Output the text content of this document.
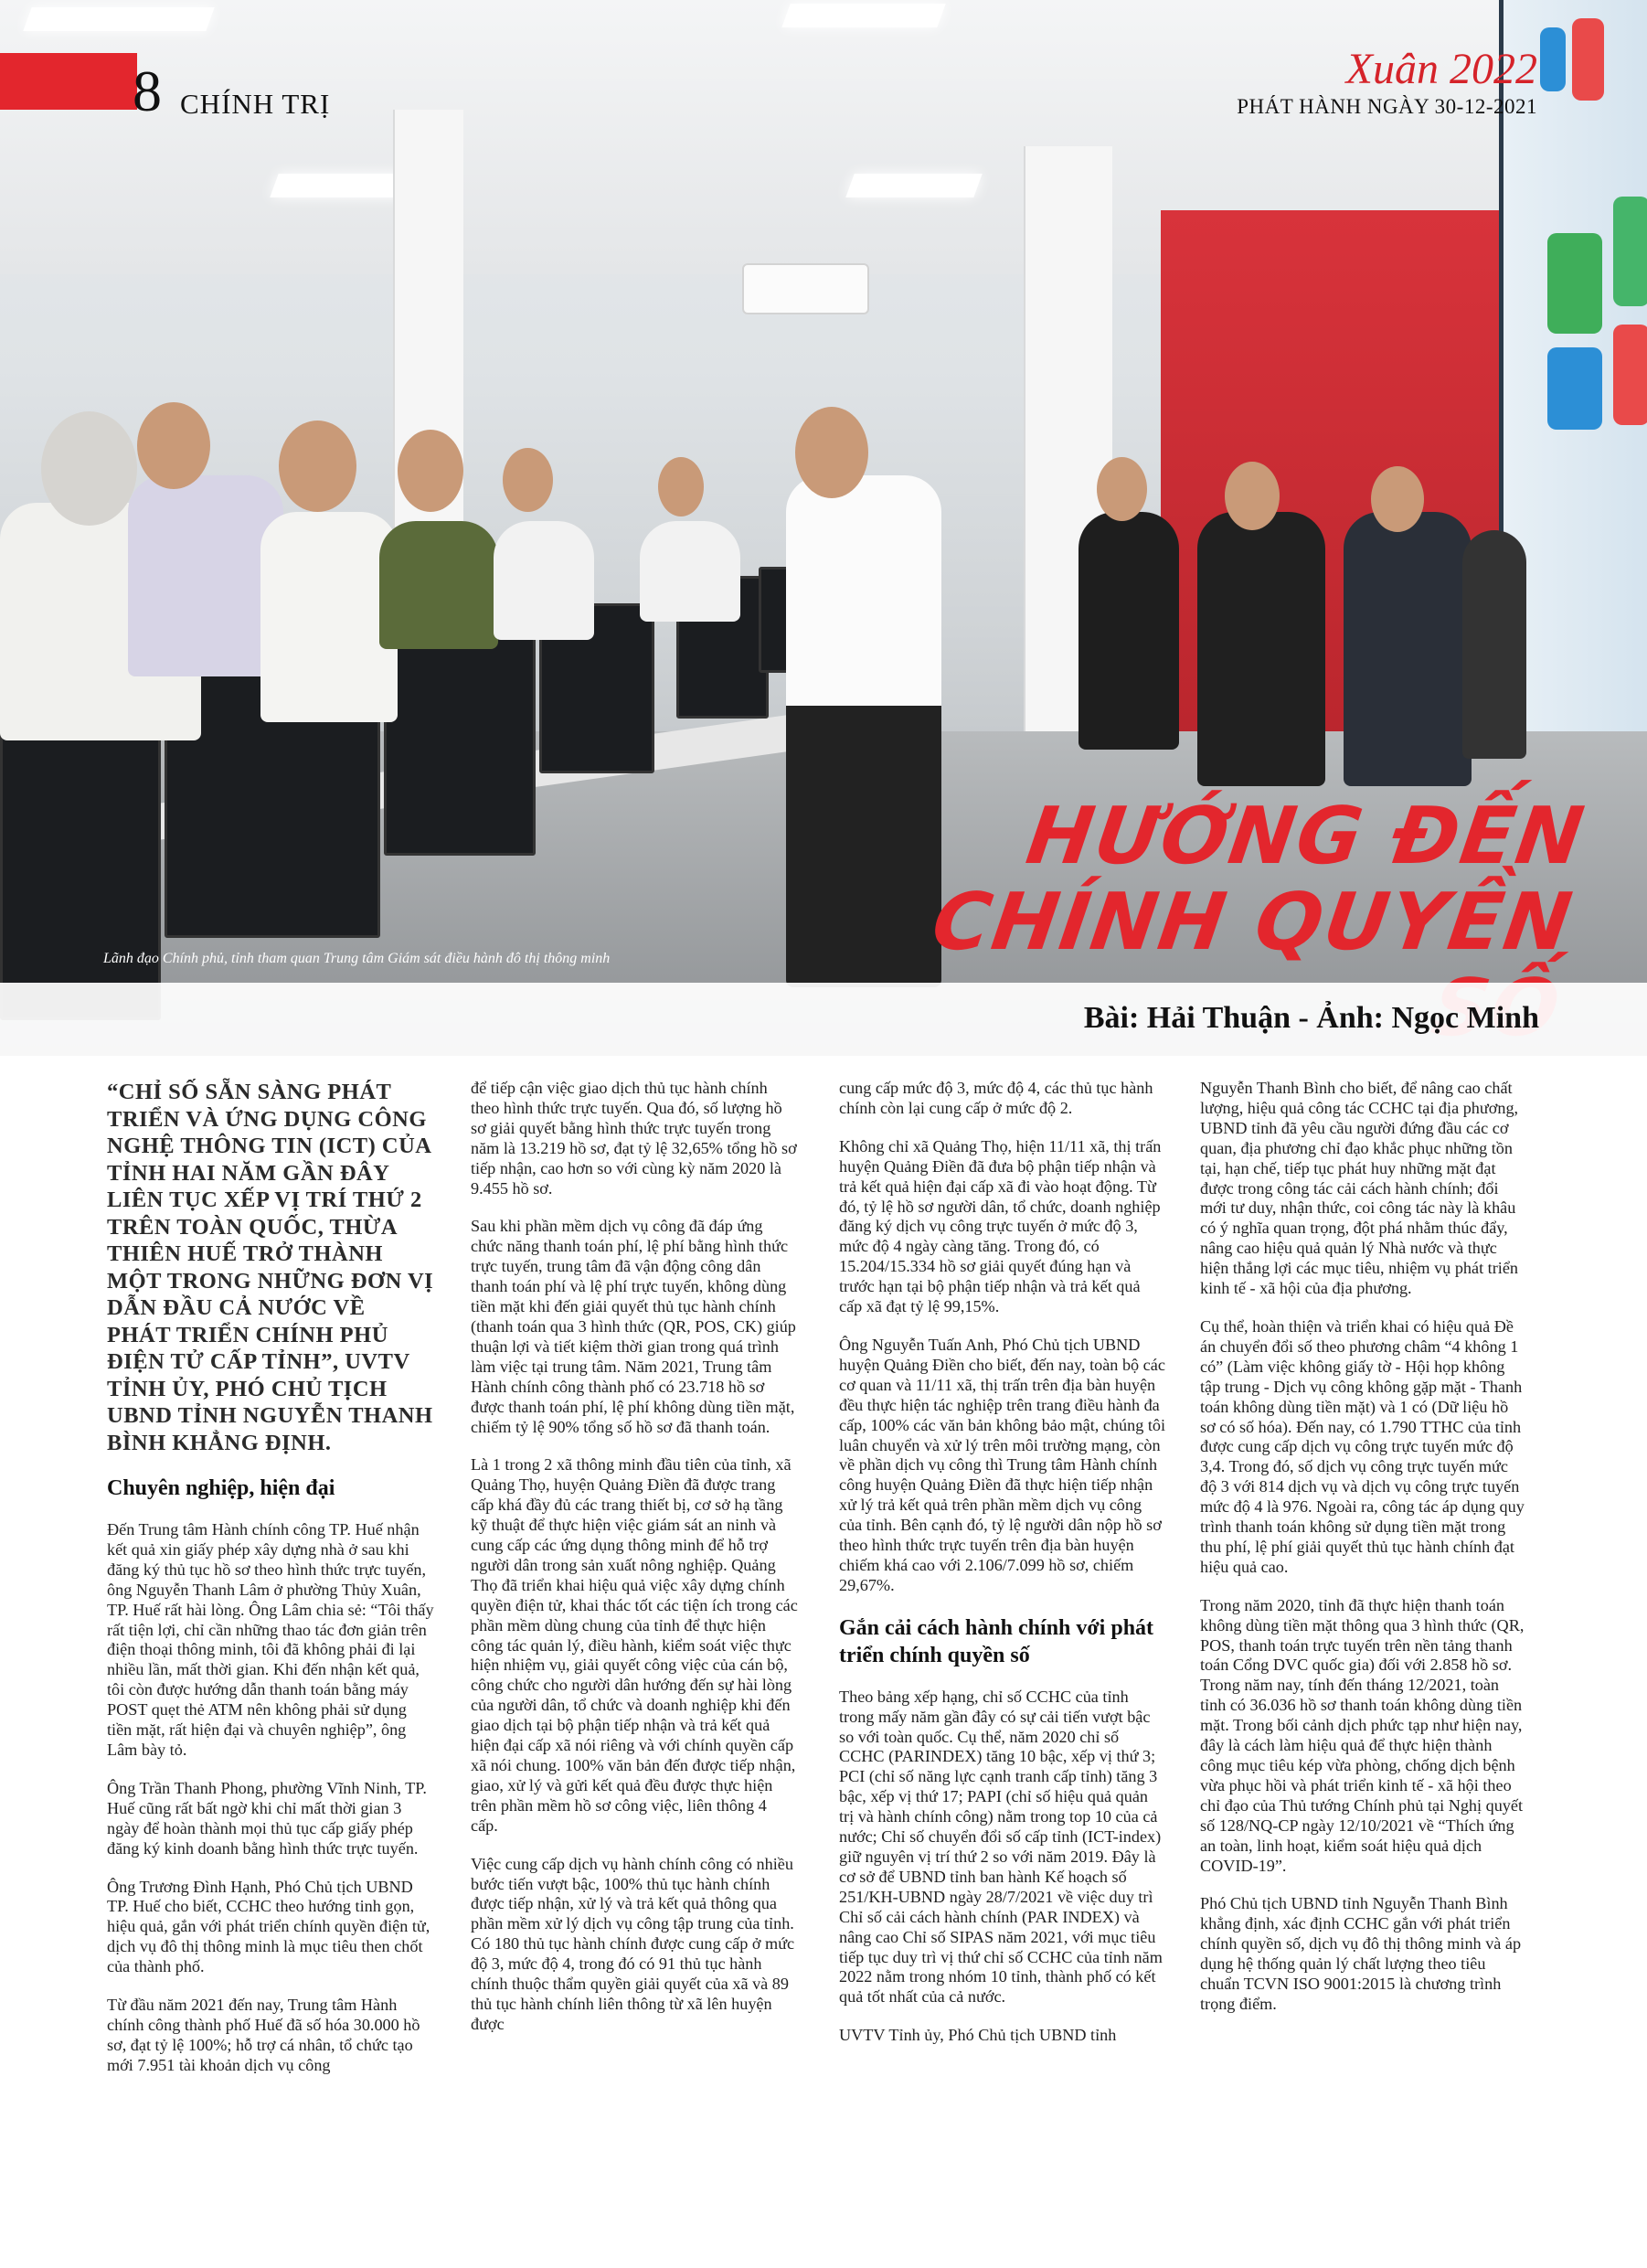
8 CHÍNH TRỊ
Xuân 2022
PHÁT HÀNH NGÀY 30-12-2021
HƯỚNG ĐẾN
CHÍNH QUYỀN
Lãnh đạo Chính phủ, tỉnh tham quan Trung tâm Giám sát điều hành đô thị thông minh
Bài: Hải Thuận - Ảnh: Ngọc Minh

“CHỈ SỐ SẴN SÀNG PHÁT TRIỂN VÀ ỨNG DỤNG CÔNG NGHỆ THÔNG TIN (ICT) CỦA TỈNH HAI NĂM GẦN ĐÂY LIÊN TỤC XẾP VỊ TRÍ THỨ 2 TRÊN TOÀN QUỐC, THỪA THIÊN HUẾ TRỞ THÀNH MỘT TRONG NHỮNG ĐƠN VỊ DẪN ĐẦU CẢ NƯỚC VỀ PHÁT TRIỂN CHÍNH PHỦ ĐIỆN TỬ CẤP TỈNH”, UVTV TỈNH ỦY, PHÓ CHỦ TỊCH UBND TỈNH NGUYỄN THANH BÌNH KHẲNG ĐỊNH.

Chuyên nghiệp, hiện đại

Đến Trung tâm Hành chính công TP. Huế nhận kết quả xin giấy phép xây dựng nhà ở sau khi đăng ký thủ tục hồ sơ theo hình thức trực tuyến, ông Nguyễn Thanh Lâm ở phường Thủy Xuân, TP. Huế rất hài lòng. Ông Lâm chia sẻ: “Tôi thấy rất tiện lợi, chỉ cần những thao tác đơn giản trên điện thoại thông minh, tôi đã không phải đi lại nhiều lần, mất thời gian. Khi đến nhận kết quả, tôi còn được hướng dẫn thanh toán bằng máy POST quẹt thẻ ATM nên không phải sử dụng tiền mặt, rất hiện đại và chuyên nghiệp”, ông Lâm bày tỏ.

Ông Trần Thanh Phong, phường Vĩnh Ninh, TP. Huế cũng rất bất ngờ khi chỉ mất thời gian 3 ngày để hoàn thành mọi thủ tục cấp giấy phép đăng ký kinh doanh bằng hình thức trực tuyến.

Ông Trương Đình Hạnh, Phó Chủ tịch UBND TP. Huế cho biết, CCHC theo hướng tinh gọn, hiệu quả, gắn với phát triển chính quyền điện tử, dịch vụ đô thị thông minh là mục tiêu then chốt của thành phố.

Từ đầu năm 2021 đến nay, Trung tâm Hành chính công thành phố Huế đã số hóa 30.000 hồ sơ, đạt tỷ lệ 100%; hỗ trợ cá nhân, tổ chức tạo mới 7.951 tài khoản dịch vụ công

để tiếp cận việc giao dịch thủ tục hành chính theo hình thức trực tuyến. Qua đó, số lượng hồ sơ giải quyết bằng hình thức trực tuyến trong năm là 13.219 hồ sơ, đạt tỷ lệ 32,65% tổng hồ sơ tiếp nhận, cao hơn so với cùng kỳ năm 2020 là 9.455 hồ sơ.

Sau khi phần mềm dịch vụ công đã đáp ứng chức năng thanh toán phí, lệ phí bằng hình thức trực tuyến, trung tâm đã vận động công dân thanh toán phí và lệ phí trực tuyến, không dùng tiền mặt khi đến giải quyết thủ tục hành chính (thanh toán qua 3 hình thức (QR, POS, CK) giúp thuận lợi và tiết kiệm thời gian trong quá trình làm việc tại trung tâm. Năm 2021, Trung tâm Hành chính công thành phố có 23.718 hồ sơ được thanh toán phí, lệ phí không dùng tiền mặt, chiếm tỷ lệ 90% tổng số hồ sơ đã thanh toán.

Là 1 trong 2 xã thông minh đầu tiên của tỉnh, xã Quảng Thọ, huyện Quảng Điền đã được trang cấp khá đầy đủ các trang thiết bị, cơ sở hạ tầng kỹ thuật để thực hiện việc giám sát an ninh và cung cấp các ứng dụng thông minh để hỗ trợ người dân trong sản xuất nông nghiệp. Quảng Thọ đã triển khai hiệu quả việc xây dựng chính quyền điện tử, khai thác tốt các tiện ích trong các phần mềm dùng chung của tỉnh để thực hiện công tác quản lý, điều hành, kiểm soát việc thực hiện nhiệm vụ, giải quyết công việc của cán bộ, công chức cho người dân hướng đến sự hài lòng của người dân, tổ chức và doanh nghiệp khi đến giao dịch tại bộ phận tiếp nhận và trả kết quả hiện đại cấp xã nói riêng và với chính quyền cấp xã nói chung. 100% văn bản đến được tiếp nhận, giao, xử lý và gửi kết quả đều được thực hiện trên phần mềm hồ sơ công việc, liên thông 4 cấp.

Việc cung cấp dịch vụ hành chính công có nhiều bước tiến vượt bậc, 100% thủ tục hành chính được tiếp nhận, xử lý và trả kết quả thông qua phần mềm xử lý dịch vụ công tập trung của tỉnh. Có 180 thủ tục hành chính được cung cấp ở mức độ 3, mức độ 4, trong đó có 91 thủ tục hành chính thuộc thẩm quyền giải quyết của xã và 89 thủ tục hành chính liên thông từ xã lên huyện được

cung cấp mức độ 3, mức độ 4, các thủ tục hành chính còn lại cung cấp ở mức độ 2.

Không chỉ xã Quảng Thọ, hiện 11/11 xã, thị trấn huyện Quảng Điền đã đưa bộ phận tiếp nhận và trả kết quả hiện đại cấp xã đi vào hoạt động. Từ đó, tỷ lệ hồ sơ người dân, tổ chức, doanh nghiệp đăng ký dịch vụ công trực tuyến ở mức độ 3, mức độ 4 ngày càng tăng. Trong đó, có 15.204/15.334 hồ sơ giải quyết đúng hạn và trước hạn tại bộ phận tiếp nhận và trả kết quả cấp xã đạt tỷ lệ 99,15%.

Ông Nguyễn Tuấn Anh, Phó Chủ tịch UBND huyện Quảng Điền cho biết, đến nay, toàn bộ các cơ quan và 11/11 xã, thị trấn trên địa bàn huyện đều thực hiện tác nghiệp trên trang điều hành đa cấp, 100% các văn bản không bảo mật, chúng tôi luân chuyển và xử lý trên môi trường mạng, còn về phần dịch vụ công thì Trung tâm Hành chính công huyện Quảng Điền đã thực hiện tiếp nhận xử lý trả kết quả trên phần mềm dịch vụ công của tỉnh. Bên cạnh đó, tỷ lệ người dân nộp hồ sơ theo hình thức trực tuyến trên địa bàn huyện chiếm khá cao với 2.106/7.099 hồ sơ, chiếm 29,67%.

Gắn cải cách hành chính với phát triển chính quyền số

Theo bảng xếp hạng, chỉ số CCHC của tỉnh trong mấy năm gần đây có sự cải tiến vượt bậc so với toàn quốc. Cụ thể, năm 2020 chỉ số CCHC (PARINDEX) tăng 10 bậc, xếp vị thứ 3; PCI (chỉ số năng lực cạnh tranh cấp tỉnh) tăng 3 bậc, xếp vị thứ 17; PAPI (chỉ số hiệu quả quản trị và hành chính công) nằm trong top 10 của cả nước; Chỉ số chuyển đổi số cấp tỉnh (ICT-index) giữ nguyên vị trí thứ 2 so với năm 2019. Đây là cơ sở để UBND tỉnh ban hành Kế hoạch số 251/KH-UBND ngày 28/7/2021 về việc duy trì Chỉ số cải cách hành chính (PAR INDEX) và nâng cao Chỉ số SIPAS năm 2021, với mục tiêu tiếp tục duy trì vị thứ chỉ số CCHC của tỉnh năm 2022 nằm trong nhóm 10 tỉnh, thành phố có kết quả tốt nhất của cả nước.

UVTV Tỉnh ủy, Phó Chủ tịch UBND tỉnh

Nguyễn Thanh Bình cho biết, để nâng cao chất lượng, hiệu quả công tác CCHC tại địa phương, UBND tỉnh đã yêu cầu người đứng đầu các cơ quan, địa phương chỉ đạo khắc phục những tồn tại, hạn chế, tiếp tục phát huy những mặt đạt được trong công tác cải cách hành chính; đổi mới tư duy, nhận thức, coi công tác này là khâu có ý nghĩa quan trọng, đột phá nhằm thúc đẩy, nâng cao hiệu quả quản lý Nhà nước và thực hiện thắng lợi các mục tiêu, nhiệm vụ phát triển kinh tế - xã hội của địa phương.

Cụ thể, hoàn thiện và triển khai có hiệu quả Đề án chuyển đổi số theo phương châm “4 không 1 có” (Làm việc không giấy tờ - Hội họp không tập trung - Dịch vụ công không gặp mặt - Thanh toán không dùng tiền mặt) và 1 có (Dữ liệu hồ sơ có số hóa). Đến nay, có 1.790 TTHC của tỉnh được cung cấp dịch vụ công trực tuyến mức độ 3,4. Trong đó, số dịch vụ công trực tuyến mức độ 3 với 814 dịch vụ và dịch vụ công trực tuyến mức độ 4 là 976. Ngoài ra, công tác áp dụng quy trình thanh toán không sử dụng tiền mặt trong thu phí, lệ phí giải quyết thủ tục hành chính đạt hiệu quả cao.

Trong năm 2020, tỉnh đã thực hiện thanh toán không dùng tiền mặt thông qua 3 hình thức (QR, POS, thanh toán trực tuyến trên nền tảng thanh toán Cổng DVC quốc gia) đối với 2.858 hồ sơ. Trong năm nay, tính đến tháng 12/2021, toàn tỉnh có 36.036 hồ sơ thanh toán không dùng tiền mặt. Trong bối cảnh dịch phức tạp như hiện nay, đây là cách làm hiệu quả để thực hiện thành công mục tiêu kép vừa phòng, chống dịch bệnh vừa phục hồi và phát triển kinh tế - xã hội theo chỉ đạo của Thủ tướng Chính phủ tại Nghị quyết số 128/NQ-CP ngày 12/10/2021 về “Thích ứng an toàn, linh hoạt, kiểm soát hiệu quả dịch COVID-19”.

Phó Chủ tịch UBND tỉnh Nguyễn Thanh Bình khẳng định, xác định CCHC gắn với phát triển chính quyền số, dịch vụ đô thị thông minh và áp dụng hệ thống quản lý chất lượng theo tiêu chuẩn TCVN ISO 9001:2015 là chương trình trọng điểm.
